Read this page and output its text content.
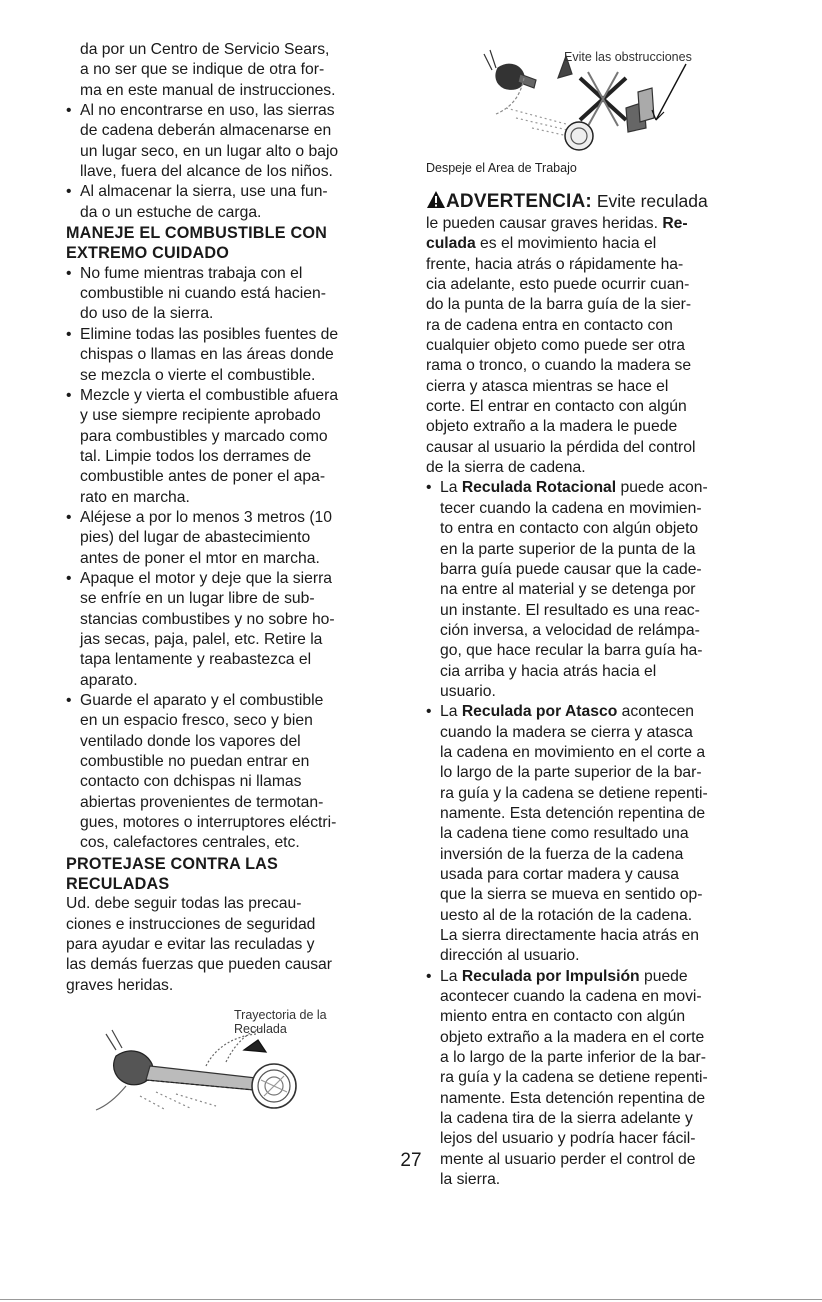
da por un Centro de Servicio Sears,

a no ser que se indique de otra for-

ma en este manual de instrucciones.

• Al no encontrarse en uso, las sierras

de cadena deberán almacenarse en

un lugar seco, en un lugar alto o bajo

llave, fuera del alcance de los niños.

• Al almacenar la sierra, use una fun-

da o un estuche de carga.

MANEJE EL COMBUSTIBLE CON

EXTREMO CUIDADO

• No fume mientras trabaja con el

combustible ni cuando está hacien-

do uso de la sierra.

• Elimine todas las posibles fuentes de

chispas o llamas en las áreas donde

se mezcla o vierte el combustible.

• Mezcle y vierta el combustible afuera

y use siempre recipiente aprobado

para combustibles y marcado como

tal. Limpie todos los derrames de

combustible antes de poner el apa-

rato en marcha.

• Aléjese a por lo menos 3 metros (10

pies) del lugar de abastecimiento

antes de poner el mtor en marcha.

• Apaque el motor y deje que la sierra

se enfríe en un lugar libre de sub-

stancias combustibes y no sobre ho-

jas secas, paja, palel, etc. Retire la

tapa lentamente y reabastezca el

aparato.

• Guarde el aparato y el combustible

en un espacio fresco, seco y bien

ventilado donde los vapores del

combustible no puedan entrar en

contacto con dchispas ni llamas

abiertas provenientes de termotan-

gues, motores o interruptores eléctri-

cos, calefactores centrales, etc.

PROTEJASE CONTRA LAS

RECULADAS

Ud. debe seguir todas las precau-

ciones e instrucciones de seguridad

para ayudar e evitar las reculadas y

las demás fuerzas que pueden causar

graves heridas.

Trayectoria de la

Reculada

Evite las obstrucciones
Despeje el Area de Trabajo
ADVERTENCIA: Evite reculada

le pueden causar graves heridas. Re-

culada es el movimiento hacia el

frente, hacia atrás o rápidamente ha-

cia adelante, esto puede ocurrir cuan-

do la punta de la barra guía de la sier-

ra de cadena entra en contacto con

cualquier objeto como puede ser otra

rama o tronco, o cuando la madera se

cierra y atasca mientras se hace el

corte. El entrar en contacto con algún

objeto extraño a la madera le puede

causar al usuario la pérdida del control

de la sierra de cadena.

• La Reculada Rotacional puede acon-

tecer cuando la cadena en movimien-

to entra en contacto con algún objeto

en la parte superior de la punta de la

barra guía puede causar que la cade-

na entre al material y se detenga por

un instante. El resultado es una reac-

ción inversa, a velocidad de relámpa-

go, que hace recular la barra guía ha-

cia arriba y hacia atrás hacia el

usuario.

• La Reculada por Atasco acontecen

cuando la madera se cierra y atasca

la cadena en movimiento en el corte a

lo largo de la parte superior de la bar-

ra guía y la cadena se detiene repenti-

namente. Esta detención repentina de

la cadena tiene como resultado una

inversión de la fuerza de la cadena

usada para cortar madera y causa

que la sierra se mueva en sentido op-

uesto al de la rotación de la cadena.

La sierra directamente hacia atrás en

dirección al usuario.

• La Reculada por Impulsión puede

acontecer cuando la cadena en movi-

miento entra en contacto con algún

objeto extraño a la madera en el corte

a lo largo de la parte inferior de la bar-

ra guía y la cadena se detiene repenti-

namente. Esta detención repentina de

la cadena tira de la sierra adelante y

lejos del usuario y podría hacer fácil-

mente al usuario perder el control de

la sierra.

27
